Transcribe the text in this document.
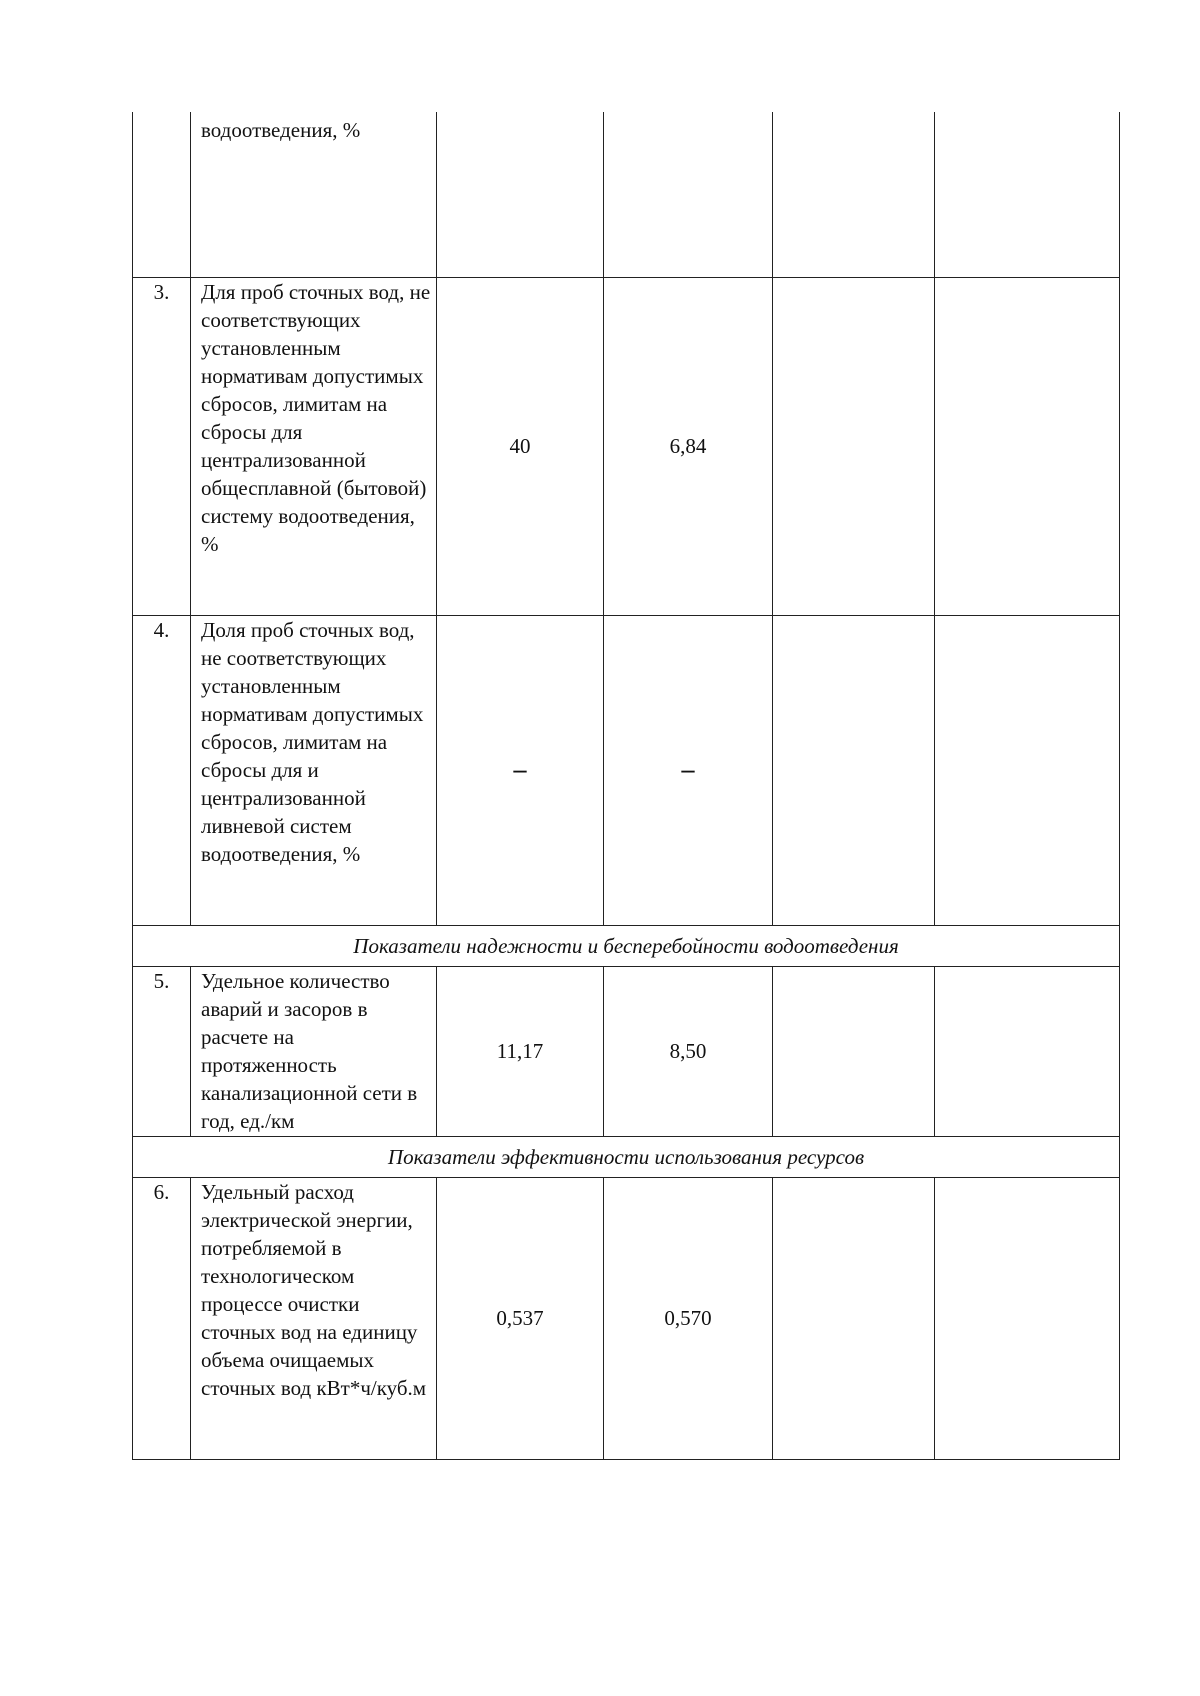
	водоотведения, %				
3.	Для проб сточных вод, не соответствующих установленным нормативам допустимых сбросов, лимитам на сбросы для централизованной общесплавной (бытовой) систему водоотведения, %	40	6,84		
4.	Доля проб сточных вод, не соответствующих установленным нормативам допустимых сбросов, лимитам на сбросы для и централизованной ливневой систем водоотведения, %	–	–		
Показатели надежности и бесперебойности водоотведения					
5.	Удельное количество аварий и засоров в расчете на протяженность канализационной сети в год, ед./км	11,17	8,50		
Показатели эффективности использования ресурсов					
6.	Удельный расход электрической энергии, потребляемой в технологическом процессе очистки сточных вод на единицу объема очищаемых сточных вод кВт*ч/куб.м	0,537	0,570		
